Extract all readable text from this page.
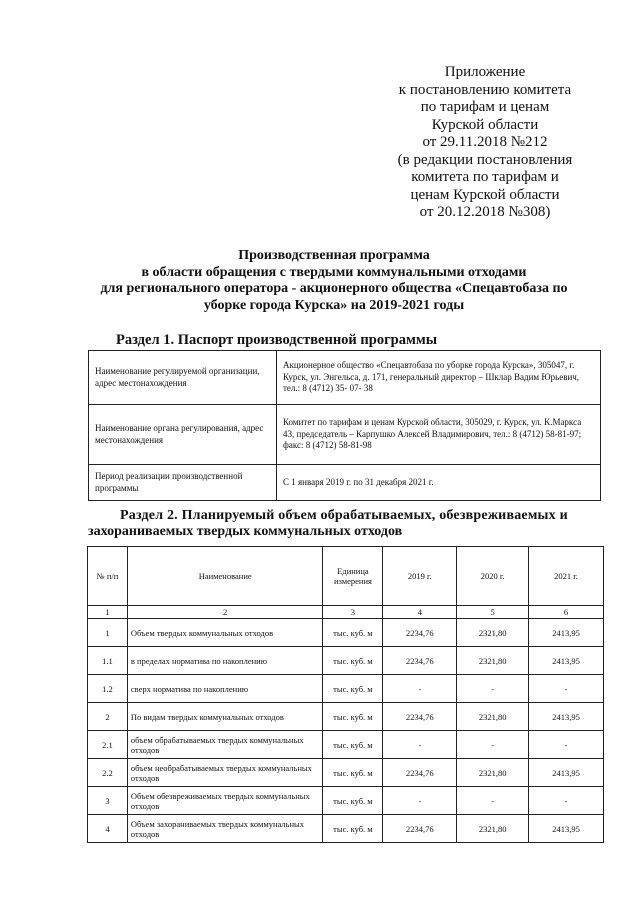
Приложение
к постановлению комитета
по тарифам и ценам
Курской области
от 29.11.2018 №212
(в редакции постановления
комитета по тарифам и
ценам Курской области
от 20.12.2018 №308)
Производственная программа
в области обращения с твердыми коммунальными отходами
для регионального оператора - акционерного общества «Спецавтобаза по
уборке города Курска» на 2019-2021 годы
Раздел 1. Паспорт производственной программы
Наименование регулируемой организации, адрес местонахождения	Акционерное общество «Спецавтобаза по уборке города Курска», 305047, г. Курск, ул. Энгельса, д. 171, генеральный директор – Шклар Вадим Юрьевич, тел.: 8 (4712) 35- 07- 38
Наименование органа регулирования, адрес местонахождения	Комитет по тарифам и ценам Курской области, 305029, г. Курск, ул. К.Маркса 43, председатель – Карпушко Алексей Владимирович, тел.: 8 (4712) 58-81-97; факс: 8 (4712) 58-81-98
Период реализации производственной программы	С 1 января 2019 г. по 31 декабря 2021 г.
Раздел 2. Планируемый объем обрабатываемых, обезвреживаемых и
захораниваемых твердых коммунальных отходов
№ п/п	Наименование	Единица измерения	2019 г.	2020 г.	2021 г.
1	2	3	4	5	6
1	Объем твердых коммунальных отходов	тыс. куб. м	2234,76	2321,80	2413,95
1.1	в пределах норматива по накоплению	тыс. куб. м	2234,76	2321,80	2413,95
1.2	сверх норматива по накоплению	тыс. куб. м	-	-	-
2	По видам твердых коммунальных отходов	тыс. куб. м	2234,76	2321,80	2413,95
2.1	объем обрабатываемых твердых коммунальных отходов	тыс. куб. м	-	-	-
2.2	объем необрабатываемых твердых коммунальных отходов	тыс. куб. м	2234,76	2321,80	2413,95
3	Объем обезвреживаемых твердых коммунальных отходов	тыс. куб. м	-	-	-
4	Объем захораниваемых твердых коммунальных отходов	тыс. куб. м	2234,76	2321,80	2413,95
